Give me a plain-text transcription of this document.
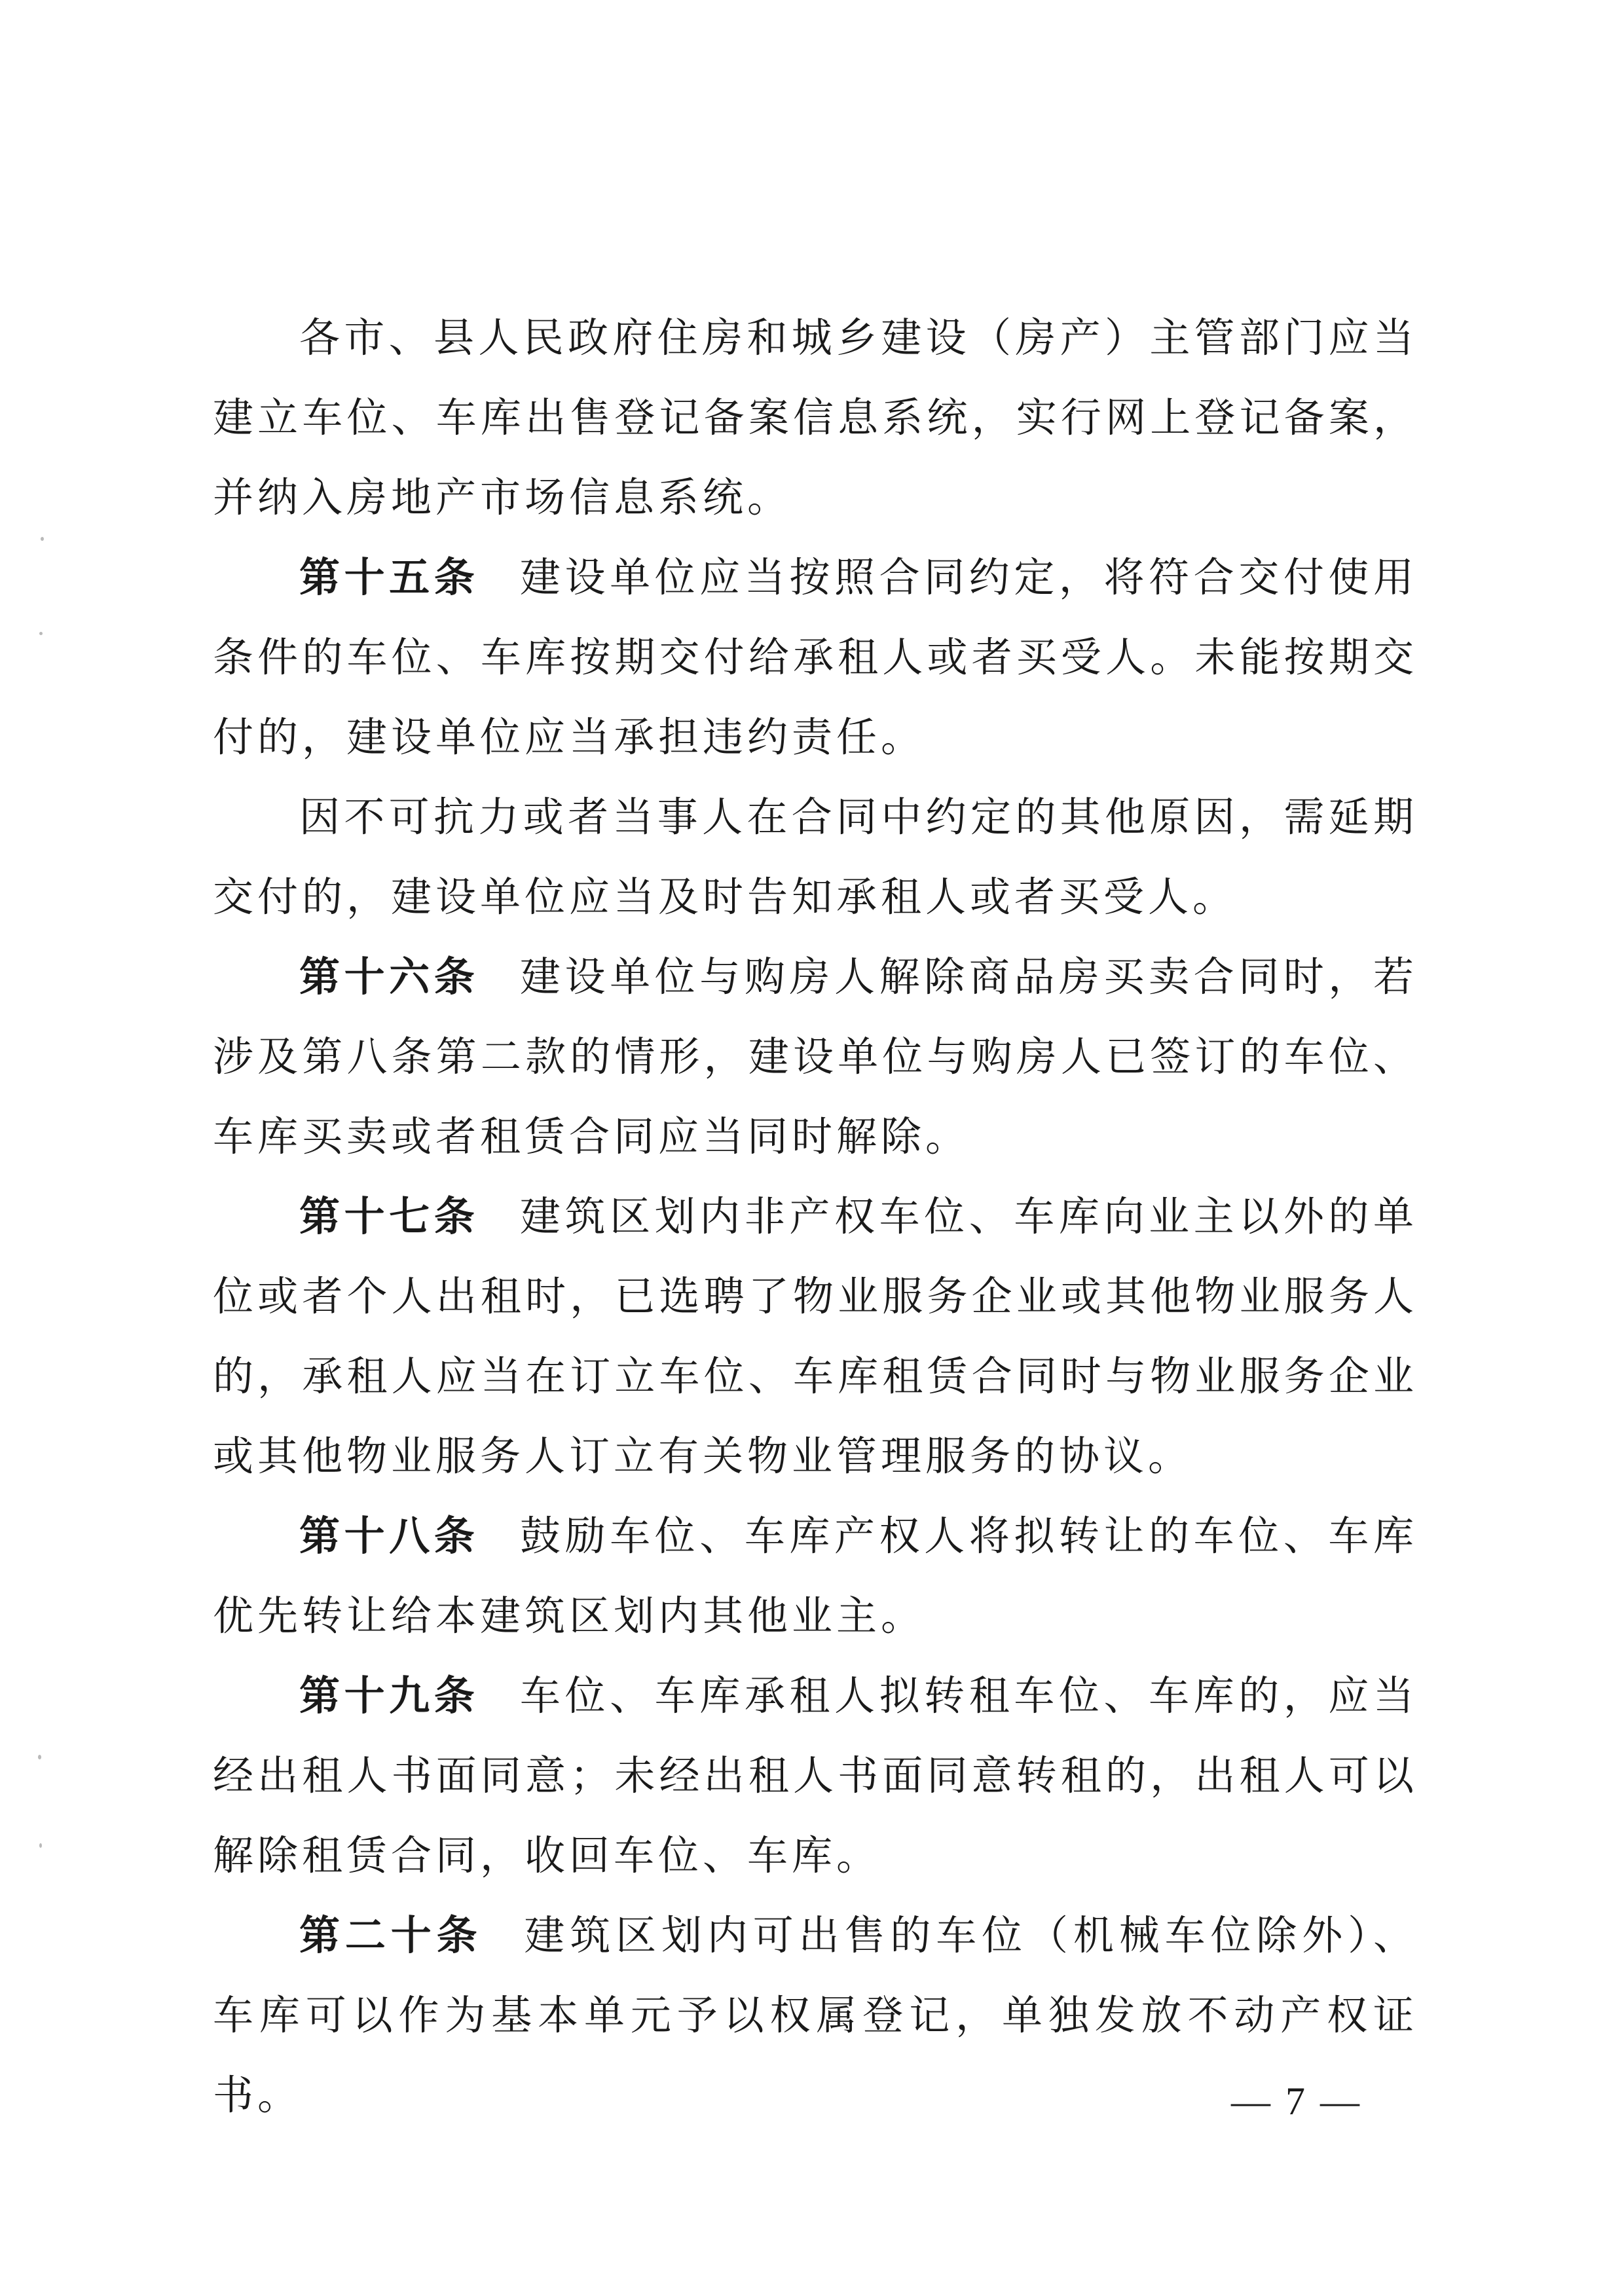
各市、县人民政府住房和城乡建设（房产）主管部门应当建立车位、车库出售登记备案信息系统，实行网上登记备案，并纳入房地产市场信息系统。

第十五条 建设单位应当按照合同约定，将符合交付使用条件的车位、车库按期交付给承租人或者买受人。未能按期交付的，建设单位应当承担违约责任。

因不可抗力或者当事人在合同中约定的其他原因，需延期交付的，建设单位应当及时告知承租人或者买受人。

第十六条 建设单位与购房人解除商品房买卖合同时，若涉及第八条第二款的情形，建设单位与购房人已签订的车位、车库买卖或者租赁合同应当同时解除。

第十七条 建筑区划内非产权车位、车库向业主以外的单位或者个人出租时，已选聘了物业服务企业或其他物业服务人的，承租人应当在订立车位、车库租赁合同时与物业服务企业或其他物业服务人订立有关物业管理服务的协议。

第十八条 鼓励车位、车库产权人将拟转让的车位、车库优先转让给本建筑区划内其他业主。

第十九条 车位、车库承租人拟转租车位、车库的，应当经出租人书面同意；未经出租人书面同意转租的，出租人可以解除租赁合同，收回车位、车库。

第二十条 建筑区划内可出售的车位（机械车位除外）、车库可以作为基本单元予以权属登记，单独发放不动产权证书。	— 7 —
